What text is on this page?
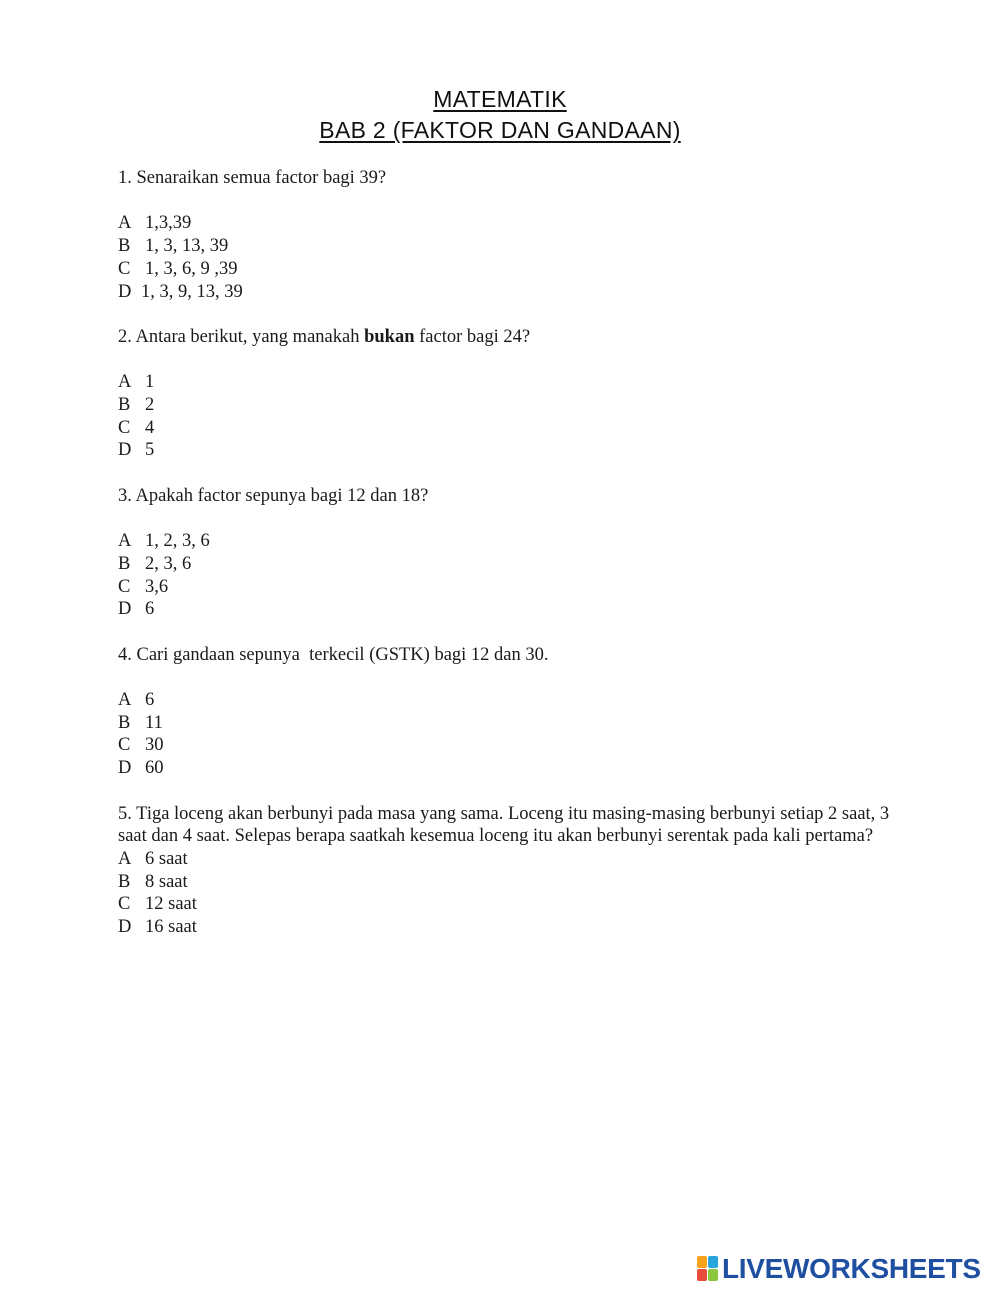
MATEMATIK
BAB 2 (FAKTOR DAN GANDAAN)

1. Senaraikan semua factor bagi 39?

A 1,3,39
B 1, 3, 13, 39
C 1, 3, 6, 9 ,39
D 1, 3, 9, 13, 39

2. Antara berikut, yang manakah bukan factor bagi 24?

A 1
B 2
C 4
D 5

3. Apakah factor sepunya bagi 12 dan 18?

A 1, 2, 3, 6
B 2, 3, 6
C 3,6
D 6

4. Cari gandaan sepunya  terkecil (GSTK) bagi 12 dan 30.

A 6
B 11
C 30
D 60

5. Tiga loceng akan berbunyi pada masa yang sama. Loceng itu masing-masing berbunyi setiap 2 saat, 3 saat dan 4 saat. Selepas berapa saatkah kesemua loceng itu akan berbunyi serentak pada kali pertama?

A 6 saat
B 8 saat
C 12 saat
D 16 saat
LIVEWORKSHEETS
